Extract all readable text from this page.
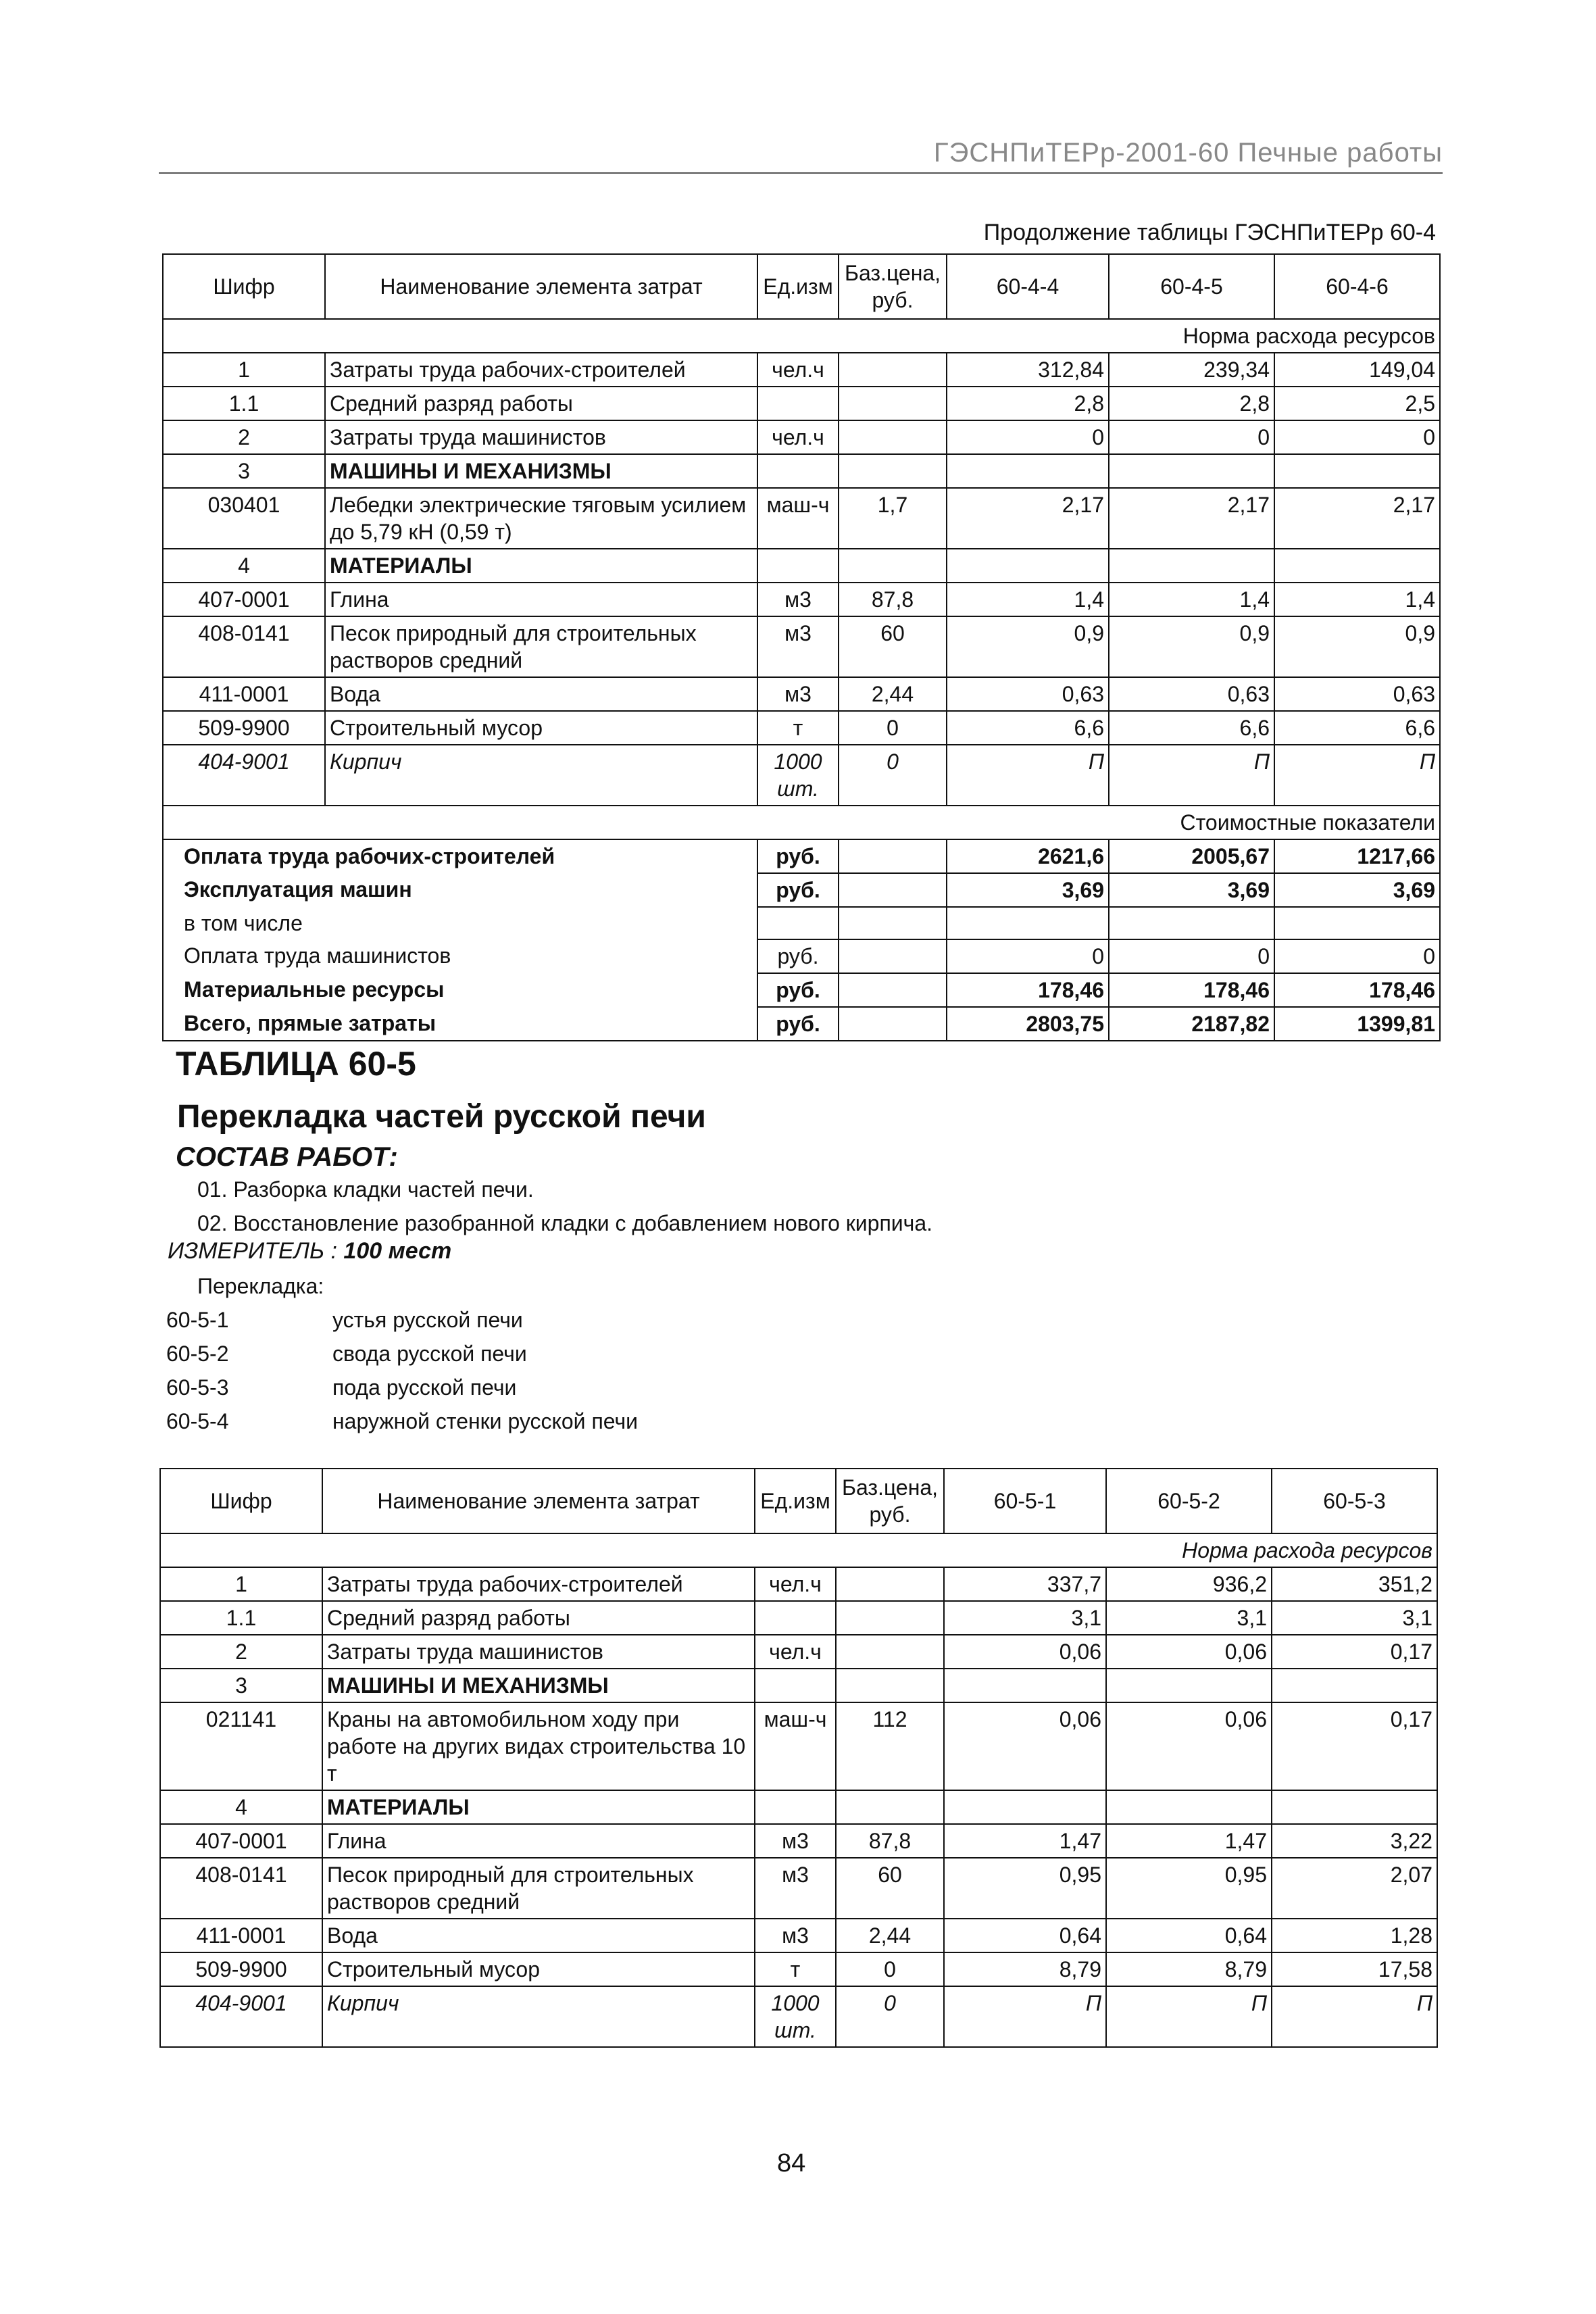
ГЭСНПиТЕРр-2001-60 Печные работы
Продолжение таблицы ГЭСНПиТЕРр 60-4
Шифр	Наименование элемента затрат	Ед.изм	Баз.цена, руб.	60-4-4	60-4-5	60-4-6
				Норма расхода ресурсов		
1	Затраты труда рабочих-строителей	чел.ч		312,84	239,34	149,04
1.1	Средний разряд работы			2,8	2,8	2,5
2	Затраты труда машинистов	чел.ч		0	0	0
3	МАШИНЫ И МЕХАНИЗМЫ					
030401	Лебедки электрические тяговым усилием до 5,79 кН (0,59 т)	маш-ч	1,7	2,17	2,17	2,17
4	МАТЕРИАЛЫ					
407-0001	Глина	м3	87,8	1,4	1,4	1,4
408-0141	Песок природный для строительных растворов средний	м3	60	0,9	0,9	0,9
411-0001	Вода	м3	2,44	0,63	0,63	0,63
509-9900	Строительный мусор	т	0	6,6	6,6	6,6
404-9001	Кирпич	1000 шт.	0	П	П	П
				Стоимостные показатели		
Оплата труда рабочих-строителей		руб.		2621,6	2005,67	1217,66
Эксплуатация машин		руб.		3,69	3,69	3,69
в том числе						
Оплата труда машинистов		руб.		0	0	0
Материальные ресурсы		руб.		178,46	178,46	178,46
Всего, прямые затраты		руб.		2803,75	2187,82	1399,81
ТАБЛИЦА 60-5
Перекладка частей русской печи
СОСТАВ РАБОТ:
01. Разборка кладки частей печи.
02. Восстановление разобранной кладки с добавлением нового кирпича.
ИЗМЕРИТЕЛЬ : 100 мест
Перекладка:
60-5-1	устья русской печи
60-5-2	свода русской печи
60-5-3	пода русской печи
60-5-4	наружной стенки русской печи
Шифр	Наименование элемента затрат	Ед.изм	Баз.цена, руб.	60-5-1	60-5-2	60-5-3
				Норма расхода ресурсов		
1	Затраты труда рабочих-строителей	чел.ч		337,7	936,2	351,2
1.1	Средний разряд работы			3,1	3,1	3,1
2	Затраты труда машинистов	чел.ч		0,06	0,06	0,17
3	МАШИНЫ И МЕХАНИЗМЫ					
021141	Краны на автомобильном ходу при работе на других видах строительства 10 т	маш-ч	112	0,06	0,06	0,17
4	МАТЕРИАЛЫ					
407-0001	Глина	м3	87,8	1,47	1,47	3,22
408-0141	Песок природный для строительных растворов средний	м3	60	0,95	0,95	2,07
411-0001	Вода	м3	2,44	0,64	0,64	1,28
509-9900	Строительный мусор	т	0	8,79	8,79	17,58
404-9001	Кирпич	1000 шт.	0	П	П	П
84
